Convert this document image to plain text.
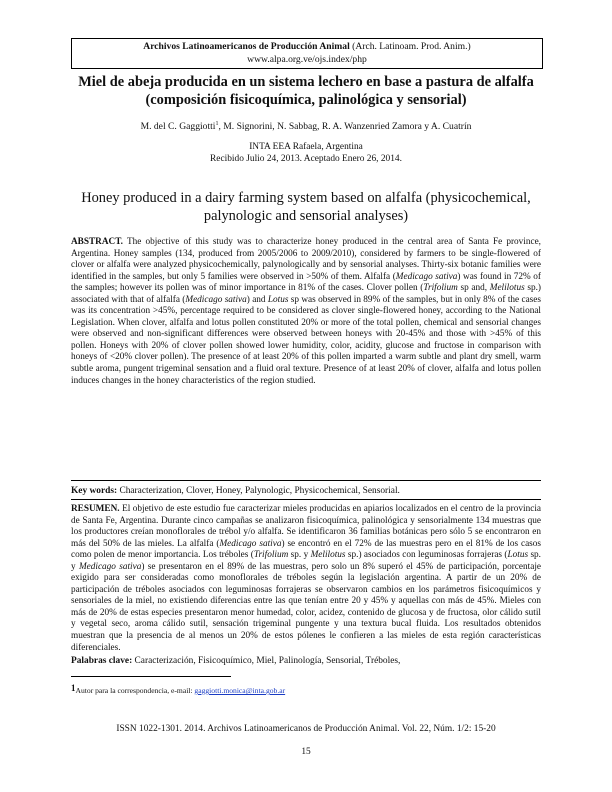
Archivos Latinoamericanos de Producción Animal (Arch. Latinoam. Prod. Anim.)
www.alpa.org.ve/ojs.index/php
Miel de abeja producida en un sistema lechero en base a pastura de alfalfa (composición fisicoquímica, palinológica y sensorial)
M. del C. Gaggiotti$^1$, M. Signorini, N. Sabbag, R. A. Wanzenried Zamora y A. Cuatrín
INTA EEA Rafaela, Argentina
Recibido Julio 24, 2013. Aceptado Enero 26, 2014.
Honey produced in a dairy farming system based on alfalfa (physicochemical, palynologic and sensorial analyses)
ABSTRACT. The objective of this study was to characterize honey produced in the central area of Santa Fe province, Argentina. Honey samples (134, produced from 2005/2006 to 2009/2010), considered by farmers to be single-flowered of clover or alfalfa were analyzed physicochemically, palynologically and by sensorial analyses. Thirty-six botanic families were identified in the samples, but only 5 families were observed in >50% of them. Alfalfa (Medicago sativa) was found in 72% of the samples; however its pollen was of minor importance in 81% of the cases. Clover pollen (Trifolium sp and, Melilotus sp.) associated with that of alfalfa (Medicago sativa) and Lotus sp was observed in 89% of the samples, but in only 8% of the cases was its concentration >45%, percentage required to be considered as clover single-flowered honey, according to the National Legislation. When clover, alfalfa and lotus pollen constituted 20% or more of the total pollen, chemical and sensorial changes were observed and non-significant differences were observed between honeys with 20-45% and those with >45% of this pollen. Honeys with 20% of clover pollen showed lower humidity, color, acidity, glucose and fructose in comparison with honeys of <20% clover pollen). The presence of at least 20% of this pollen imparted a warm subtle and plant dry smell, warm subtle aroma, pungent trigeminal sensation and a fluid oral texture. Presence of at least 20% of clover, alfalfa and lotus pollen induces changes in the honey characteristics of the region studied.
Key words: Characterization, Clover, Honey, Palynologic, Physicochemical, Sensorial.
RESUMEN. El objetivo de este estudio fue caracterizar mieles producidas en apiarios localizados en el centro de la provincia de Santa Fe, Argentina. Durante cinco campañas se analizaron fisicoquímica, palinológica y sensorialmente 134 muestras que los productores creían monoflorales de trébol y/o alfalfa. Se identificaron 36 familias botánicas pero sólo 5 se encontraron en más del 50% de las mieles. La alfalfa (Medicago sativa) se encontró en el 72% de las muestras pero en el 81% de los casos como polen de menor importancia. Los tréboles (Trifolium sp. y Melilotus sp.) asociados con leguminosas forrajeras (Lotus sp. y Medicago sativa) se presentaron en el 89% de las muestras, pero solo un 8% superó el 45% de participación, porcentaje exigido para ser consideradas como monoflorales de tréboles según la legislación argentina. A partir de un 20% de participación de tréboles asociados con leguminosas forrajeras se observaron cambios en los parámetros fisicoquímicos y sensoriales de la miel, no existiendo diferencias entre las que tenían entre 20 y 45% y aquellas con más de 45%. Mieles con más de 20% de estas especies presentaron menor humedad, color, acidez, contenido de glucosa y de fructosa, olor cálido sutil y vegetal seco, aroma cálido sutil, sensación trigeminal pungente y una textura bucal fluida. Los resultados obtenidos muestran que la presencia de al menos un 20% de estos pólenes le confieren a las mieles de esta región características diferenciales.
Palabras clave: Caracterización, Fisicoquímico, Miel, Palinología, Sensorial, Tréboles,
1Autor para la correspondencia, e-mail: gaggiotti.monica@inta.gob.ar
ISSN 1022-1301. 2014. Archivos Latinoamericanos de Producción Animal. Vol. 22, Núm. 1/2: 15-20
15
